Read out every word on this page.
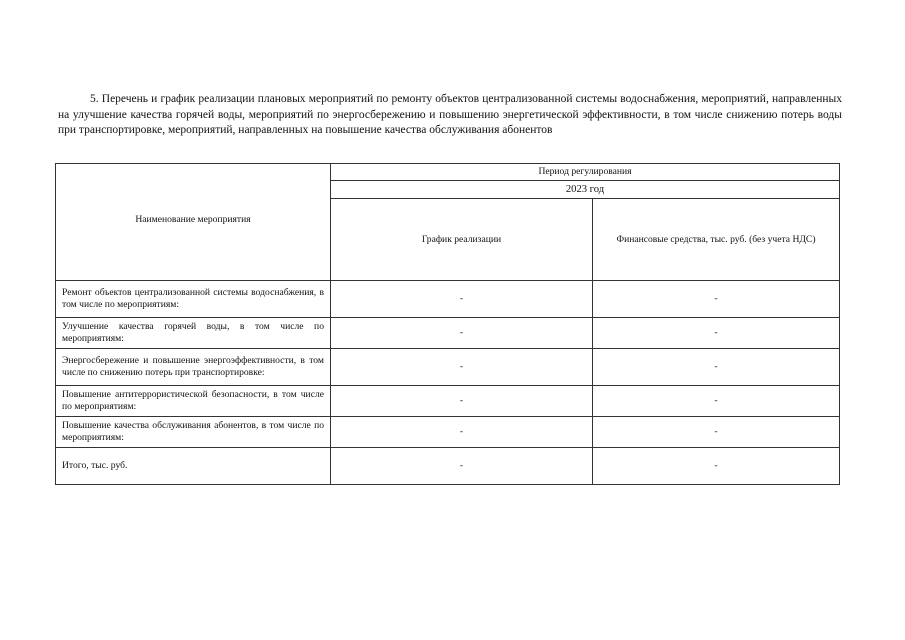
5. Перечень и график реализации плановых мероприятий по ремонту объектов централизованной системы водоснабжения, мероприятий, направленных на улучшение качества горячей воды, мероприятий по энергосбережению и повышению энергетической эффективности, в том числе снижению потерь воды при транспортировке, мероприятий, направленных на повышение качества обслуживания абонентов
Наименование мероприятия	Период регулирования	
	2023 год	
	График реализации	Финансовые средства, тыс. руб. (без учета НДС)
Ремонт объектов централизованной системы водоснабжения, в том числе по мероприятиям:	-	-
Улучшение качества горячей воды, в том числе по мероприятиям:	-	-
Энергосбережение и повышение энергоэффективности, в том числе по снижению потерь при транспортировке:	-	-
Повышение антитеррористической безопасности, в том числе по мероприятиям:	-	-
Повышение качества обслуживания абонентов, в том числе по мероприятиям:	-	-
Итого, тыс. руб.	-	-
